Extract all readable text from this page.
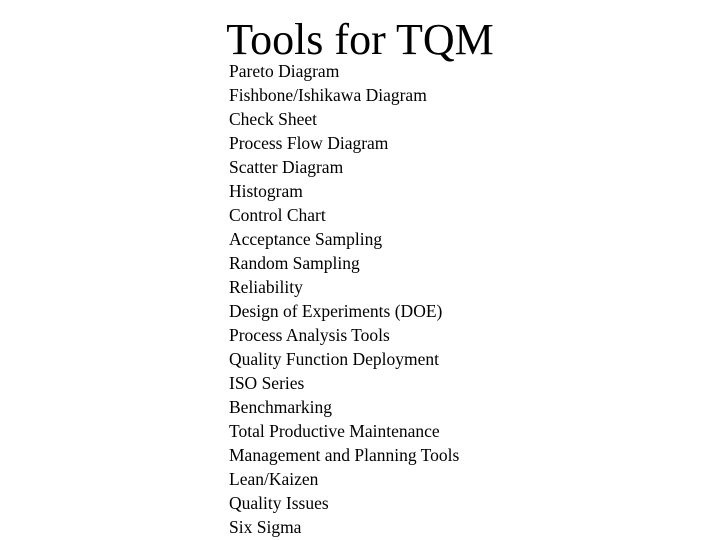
Tools for TQM
Pareto Diagram
Fishbone/Ishikawa Diagram
Check Sheet
Process Flow Diagram
Scatter Diagram
Histogram
Control Chart
Acceptance Sampling
Random Sampling
Reliability
Design of Experiments (DOE)
Process Analysis Tools
Quality Function Deployment
ISO Series
Benchmarking
Total Productive Maintenance
Management and Planning Tools
Lean/Kaizen
Quality Issues
Six Sigma
